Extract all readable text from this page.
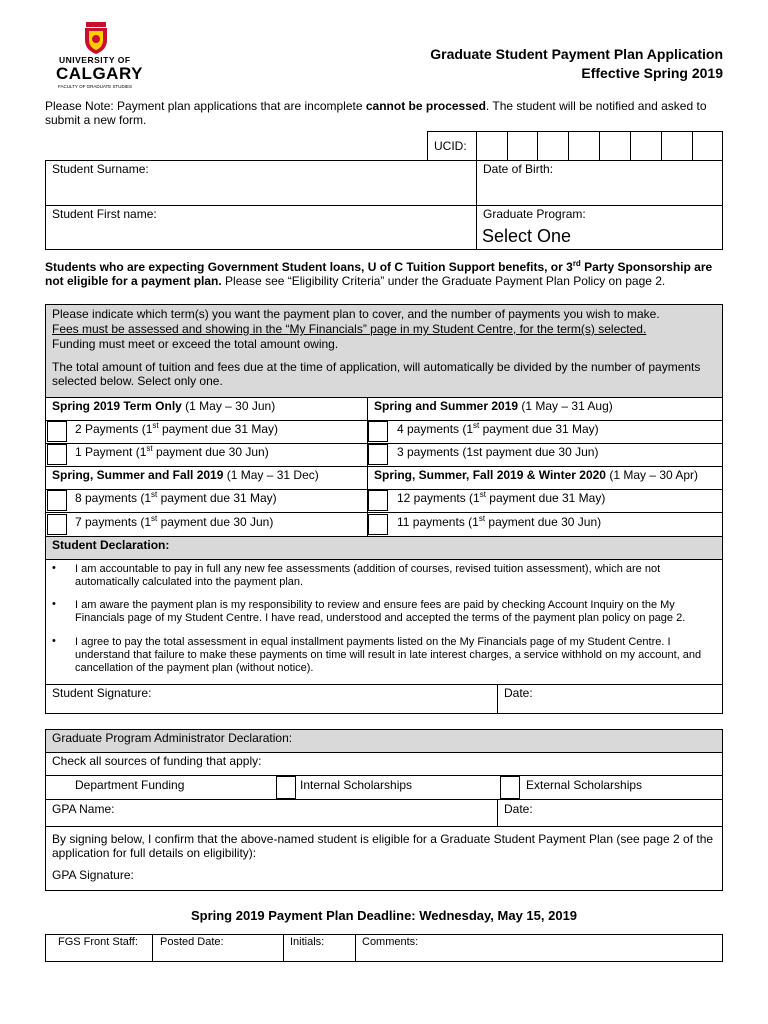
UNIVERSITY OF
CALGARY
FACULTY OF GRADUATE STUDIES
Graduate Student Payment Plan Application
Effective Spring 2019
Please Note: Payment plan applications that are incomplete cannot be processed. The student will be notified and asked to submit a new form.
UCID:
Student Surname:	Date of Birth:
Student First name:	Graduate Program:
Select One
Students who are expecting Government Student loans, U of C Tuition Support benefits, or 3rd Party Sponsorship are not eligible for a payment plan. Please see “Eligibility Criteria” under the Graduate Payment Plan Policy on page 2.
Please indicate which term(s) you want the payment plan to cover, and the number of payments you wish to make.
Fees must be assessed and showing in the “My Financials” page in my Student Centre, for the term(s) selected.
Funding must meet or exceed the total amount owing.
The total amount of tuition and fees due at the time of application, will automatically be divided by the number of payments selected below. Select only one.
Spring 2019 Term Only (1 May – 30 Jun)
2 Payments (1st payment due 31 May)
1 Payment (1st payment due 30 Jun)
Spring and Summer 2019 (1 May – 31 Aug)
4 payments (1st payment due 31 May)
3 payments (1st payment due 30 Jun)
Spring, Summer and Fall 2019 (1 May – 31 Dec)
8 payments (1st payment due 31 May)
7 payments (1st payment due 30 Jun)
Spring, Summer, Fall 2019 & Winter 2020 (1 May – 30 Apr)
12 payments (1st payment due 31 May)
11 payments (1st payment due 30 Jun)
Student Declaration:
• I am accountable to pay in full any new fee assessments (addition of courses, revised tuition assessment), which are not automatically calculated into the payment plan.
• I am aware the payment plan is my responsibility to review and ensure fees are paid by checking Account Inquiry on the My Financials page of my Student Centre. I have read, understood and accepted the terms of the payment plan policy on page 2.
• I agree to pay the total assessment in equal installment payments listed on the My Financials page of my Student Centre. I understand that failure to make these payments on time will result in late interest charges, a service withhold on my account, and cancellation of the payment plan (without notice).
Student Signature:	Date:
Graduate Program Administrator Declaration:
Check all sources of funding that apply:
Department Funding	Internal Scholarships	External Scholarships
GPA Name:	Date:
By signing below, I confirm that the above-named student is eligible for a Graduate Student Payment Plan (see page 2 of the application for full details on eligibility):
GPA Signature:
Spring 2019 Payment Plan Deadline: Wednesday, May 15, 2019
FGS Front Staff: Posted Date:	Initials:	Comments:
